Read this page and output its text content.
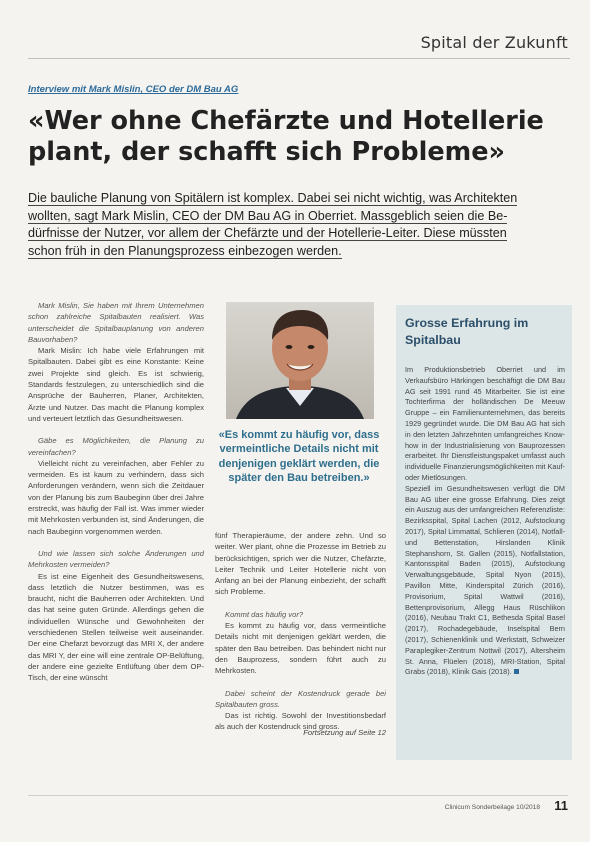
Spital der Zukunft
Interview mit Mark Mislin, CEO der DM Bau AG
«Wer ohne Chefärzte und Hotellerie plant, der schafft sich Probleme»
Die bauliche Planung von Spitälern ist komplex. Dabei sei nicht wichtig, was Architekten
wollten, sagt Mark Mislin, CEO der DM Bau AG in Oberriet. Massgeblich seien die Be-
dürfnisse der Nutzer, vor allem der Chefärzte und der Hotellerie-Leiter. Diese müssten
schon früh in den Planungsprozess einbezogen werden.

Mark Mislin, Sie haben mit Ihrem Unternehmen schon zahlreiche Spitalbauten realisiert. Was unterscheidet die Spitalbauplanung von anderen Bauvorhaben?

Mark Mislin: Ich habe viele Erfahrungen mit Spitalbauten. Dabei gibt es eine Konstante: Keine zwei Projekte sind gleich. Es ist schwierig, Standards festzulegen, zu unterschiedlich sind die Ansprüche der Bauherren, Planer, Architekten, Ärzte und Nutzer. Das macht die Planung komplex und verteuert letztlich das Gesundheitswesen.

Gäbe es Möglichkeiten, die Planung zu vereinfachen?

Vielleicht nicht zu vereinfachen, aber Fehler zu vermeiden. Es ist kaum zu verhindern, dass sich Anforderungen verändern, wenn sich die Zeitdauer von der Planung bis zum Baubeginn über drei Jahre erstreckt, was häufig der Fall ist. Was immer wieder mit Mehrkosten verbunden ist, sind Änderungen, die nach Baubeginn vorgenommen werden.

Und wie lassen sich solche Änderungen und Mehrkosten vermeiden?

Es ist eine Eigenheit des Gesundheitswesens, dass letztlich die Nutzer bestimmen, was es braucht, nicht die Bauherren oder Architekten. Und das hat seine guten Gründe. Allerdings gehen die individuellen Wünsche und Gewohnheiten der verschiedenen Stellen teilweise weit auseinander. Der eine Chefarzt bevorzugt das MRI X, der andere das MRI Y, der eine will eine zentrale OP-Belüftung, der andere eine gezielte Entlüftung über dem OP-Tisch, der eine wünscht

«Es kommt zu häufig vor, dass vermeintliche Details nicht mit denjenigen geklärt werden, die später den Bau betreiben.»

fünf Therapieräume, der andere zehn. Und so weiter. Wer plant, ohne die Prozesse im Betrieb zu berücksichtigen, sprich wer die Nutzer, Chefärzte, Leiter Technik und Leiter Hotellerie nicht von Anfang an bei der Planung einbezieht, der schafft sich Probleme.

Kommt das häufig vor?

Es kommt zu häufig vor, dass vermeintliche Details nicht mit denjenigen geklärt werden, die später den Bau betreiben. Das behindert nicht nur den Bauprozess, sondern führt auch zu Mehrkosten.

Dabei scheint der Kostendruck gerade bei Spitalbauten gross.

Das ist richtig. Sowohl der Investitionsbedarf als auch der Kostendruck sind gross.

Fortsetzung auf Seite 12
Grosse Erfahrung im Spitalbau

Im Produktionsbetrieb Oberriet und im Verkaufsbüro Härkingen beschäftigt die DM Bau AG seit 1991 rund 45 Mitarbeiter. Sie ist eine Tochterfirma der holländischen De Meeuw Gruppe – ein Familienunternehmen, das bereits 1929 gegründet wurde. Die DM Bau AG hat sich in den letzten Jahrzehnten umfangreiches Know-how in der Industrialisierung von Bauprozessen erarbeitet. Ihr Dienstleistungspaket umfasst auch individuelle Finanzierungsmöglichkeiten mit Kauf- oder Mietlösungen.

Speziell im Gesundheitswesen verfügt die DM Bau AG über eine grosse Erfahrung. Dies zeigt ein Auszug aus der umfangreichen Referenzliste: Bezirksspital, Spital Lachen (2012, Aufstockung 2017), Spital Limmattal, Schlieren (2014), Notfall- und Bettenstation, Hirslanden Klinik Stephanshorn, St. Gallen (2015), Notfallstation, Kantonsspital Baden (2015), Aufstockung Verwaltungsgebäude, Spital Nyon (2015), Pavillon Mitte, Kinderspital Zürich (2016), Provisorium, Spital Wattwil (2016), Bettenprovisorium, Allegg Haus Rüschlikon (2016), Neubau Trakt C1, Bethesda Spital Basel (2017), Rochadegebäude, Inselspital Bern (2017), Schienenklinik und Werkstatt, Schweizer Paraplegiker-Zentrum Nottwil (2017), Altersheim St. Anna, Flüelen (2018), MRI-Station, Spital Grabs (2018), Klinik Gais (2018).

Clinicum Sonderbeilage 10/2018 11
